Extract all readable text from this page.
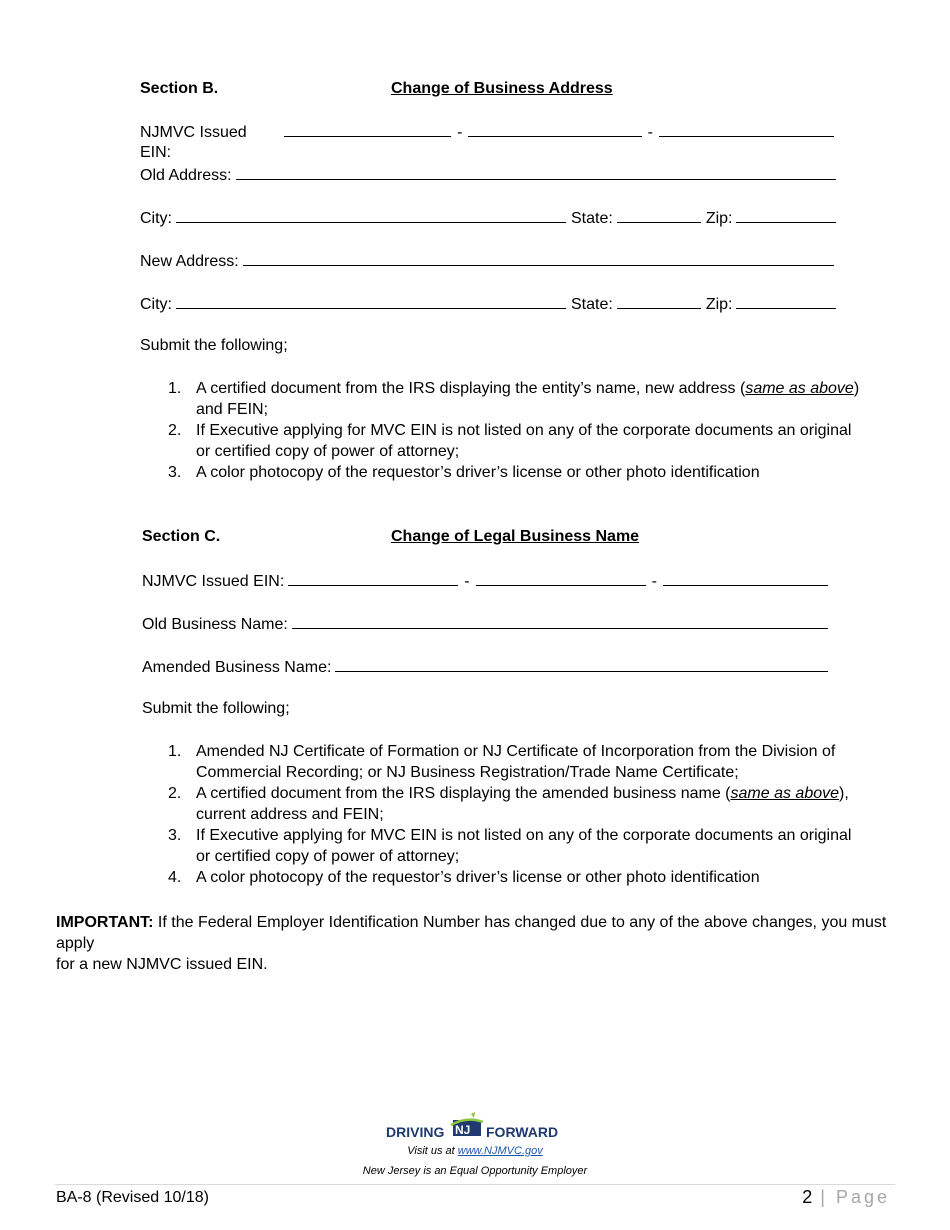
Section B.	Change of Business Address
NJMVC Issued EIN:
-	-
Old Address:
City:	State:	Zip:
New Address:
City:	State:	Zip:
Submit the following;
1. A certified document from the IRS displaying the entity’s name, new address (same as above)
and FEIN;
2. If Executive applying for MVC EIN is not listed on any of the corporate documents an original
or certified copy of power of attorney;
3. A color photocopy of the requestor’s driver’s license or other photo identification
Section C.	Change of Legal Business Name
NJMVC Issued EIN:	-	-
Old Business Name:
Amended Business Name:
Submit the following;
1. Amended NJ Certificate of Formation or NJ Certificate of Incorporation from the Division of
Commercial Recording; or NJ Business Registration/Trade Name Certificate;
2. A certified document from the IRS displaying the amended business name (same as above),
current address and FEIN;
3. If Executive applying for MVC EIN is not listed on any of the corporate documents an original
or certified copy of power of attorney;
4. A color photocopy of the requestor’s driver’s license or other photo identification
IMPORTANT: If the Federal Employer Identification Number has changed due to any of the above changes, you must apply
for a new NJMVC issued EIN.
DRIVING NJ FORWARD
Visit us at www.NJMVC.gov
New Jersey is an Equal Opportunity Employer
BA-8 (Revised 10/18)	2 | Page
